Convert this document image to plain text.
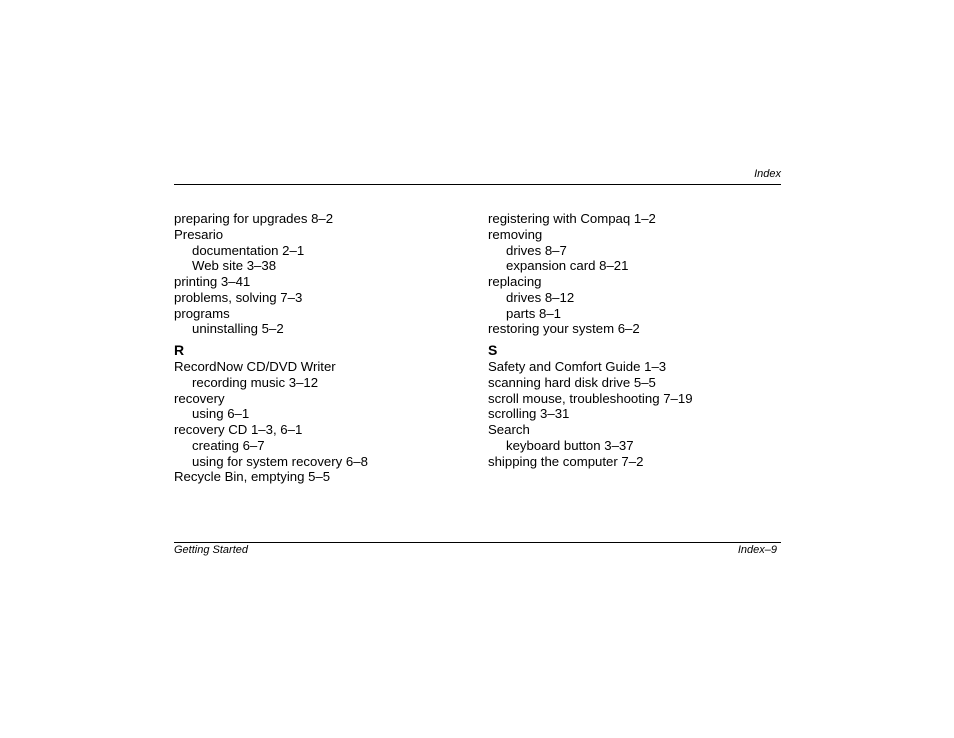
Index
preparing for upgrades 8–2
Presario
documentation 2–1
Web site 3–38
printing 3–41
problems, solving 7–3
programs
uninstalling 5–2
R
RecordNow CD/DVD Writer
recording music 3–12
recovery
using 6–1
recovery CD 1–3, 6–1
creating 6–7
using for system recovery 6–8
Recycle Bin, emptying 5–5
registering with Compaq 1–2
removing
drives 8–7
expansion card 8–21
replacing
drives 8–12
parts 8–1
restoring your system 6–2
S
Safety and Comfort Guide 1–3
scanning hard disk drive 5–5
scroll mouse, troubleshooting 7–19
scrolling 3–31
Search
keyboard button 3–37
shipping the computer 7–2
Getting Started	Index–9
